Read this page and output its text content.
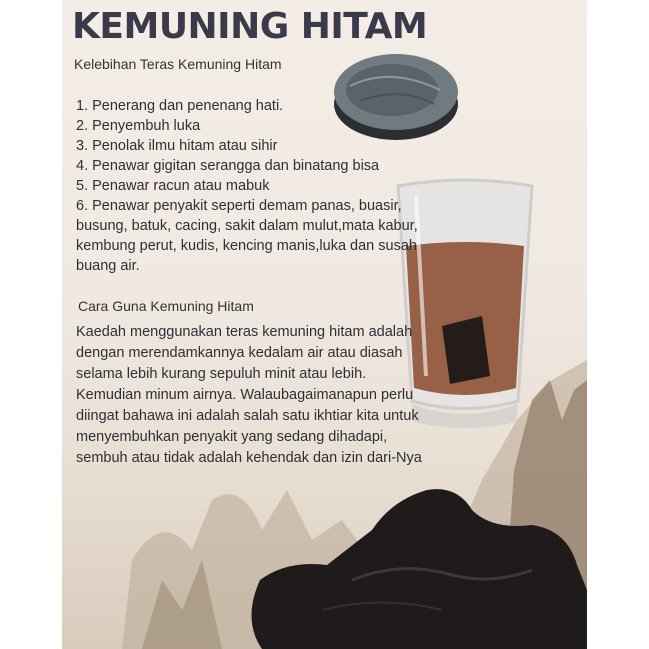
KEMUNING HITAM
Kelebihan Teras Kemuning Hitam
1. Penerang dan penenang hati.
2. Penyembuh luka
3. Penolak ilmu hitam atau sihir
4. Penawar gigitan serangga dan binatang bisa
5. Penawar racun atau mabuk
6. Penawar penyakit seperti demam panas, buasir, busung, batuk, cacing, sakit dalam mulut,mata kabur, kembung perut, kudis, kencing manis,luka dan susah buang air.
Cara Guna Kemuning Hitam

Kaedah menggunakan teras kemuning hitam adalah dengan merendamkannya kedalam air atau diasah selama lebih kurang sepuluh minit atau lebih. Kemudian minum airnya. Walaubagaimanapun perlu diingat bahawa ini adalah salah satu ikhtiar kita untuk menyembuhkan penyakit yang sedang dihadapi, sembuh atau tidak adalah kehendak dan izin dari-Nya
